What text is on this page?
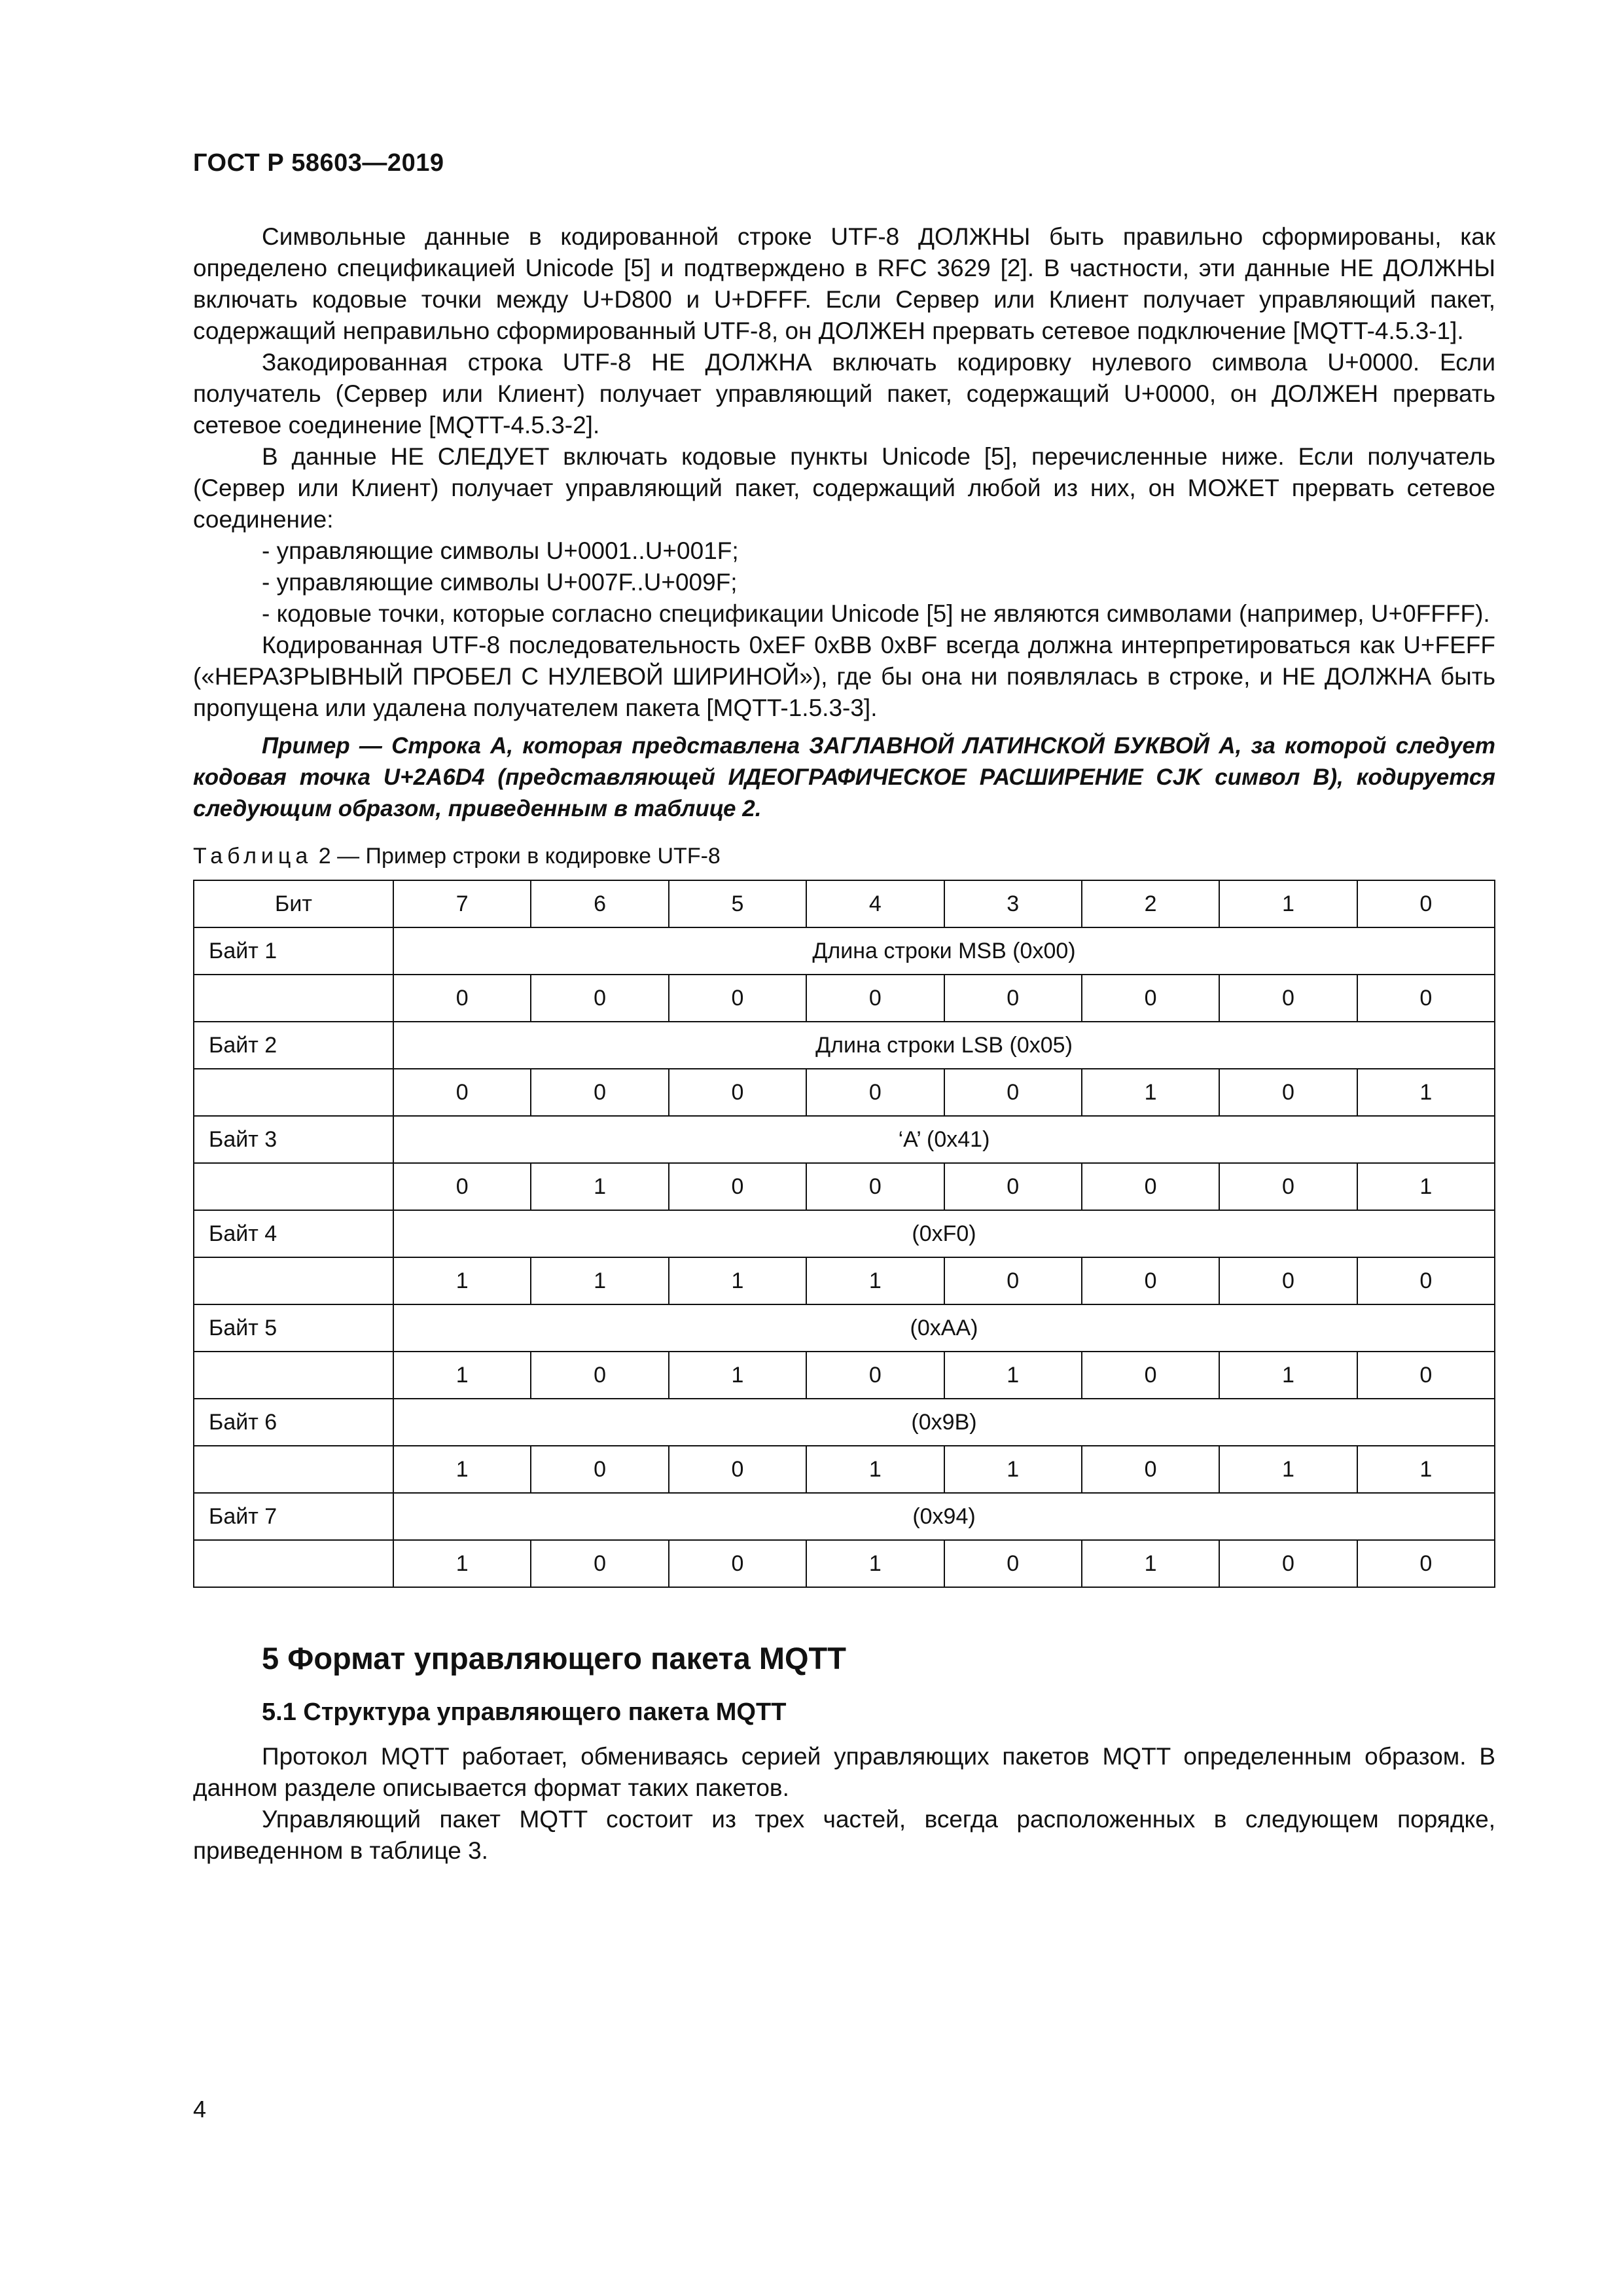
ГОСТ Р 58603—2019

Символьные данные в кодированной строке UTF-8 ДОЛЖНЫ быть правильно сформированы, как определено спецификацией Unicode [5] и подтверждено в RFC 3629 [2]. В частности, эти данные НЕ ДОЛЖНЫ включать кодовые точки между U+D800 и U+DFFF. Если Сервер или Клиент получает управляющий пакет, содержащий неправильно сформированный UTF-8, он ДОЛЖЕН прервать сетевое подключение [MQTT-4.5.3-1].

Закодированная строка UTF-8 НЕ ДОЛЖНА включать кодировку нулевого символа U+0000. Если получатель (Сервер или Клиент) получает управляющий пакет, содержащий U+0000, он ДОЛЖЕН прервать сетевое соединение [MQTT-4.5.3-2].

В данные НЕ СЛЕДУЕТ включать кодовые пункты Unicode [5], перечисленные ниже. Если получатель (Сервер или Клиент) получает управляющий пакет, содержащий любой из них, он МОЖЕТ прервать сетевое соединение:

- управляющие символы U+0001..U+001F;

- управляющие символы U+007F..U+009F;

- кодовые точки, которые согласно спецификации Unicode [5] не являются символами (например, U+0FFFF).

Кодированная UTF-8 последовательность 0xEF 0xBB 0xBF всегда должна интерпретироваться как U+FEFF («НЕРАЗРЫВНЫЙ ПРОБЕЛ С НУЛЕВОЙ ШИРИНОЙ»), где бы она ни появлялась в строке, и НЕ ДОЛЖНА быть пропущена или удалена получателем пакета [MQTT-1.5.3-3].

Пример — Строка А, которая представлена ЗАГЛАВНОЙ ЛАТИНСКОЙ БУКВОЙ А, за которой следует кодовая точка U+2A6D4 (представляющей ИДЕОГРАФИЧЕСКОЕ РАСШИРЕНИЕ CJK символ B), кодируется следующим образом, приведенным в таблице 2.

Таблица 2 — Пример строки в кодировке UTF-8

Бит	7	6	5	4	3	2	1	0
Байт 1	Длина строки MSB (0x00)							
	0	0	0	0	0	0	0	0
Байт 2	Длина строки LSB (0x05)							
	0	0	0	0	0	1	0	1
Байт 3	‘A’ (0x41)							
	0	1	0	0	0	0	0	1
Байт 4	(0xF0)							
	1	1	1	1	0	0	0	0
Байт 5	(0xAA)							
	1	0	1	0	1	0	1	0
Байт 6	(0x9B)							
	1	0	0	1	1	0	1	1
Байт 7	(0x94)							
	1	0	0	1	0	1	0	0

5 Формат управляющего пакета MQTT

5.1 Структура управляющего пакета MQTT

Протокол MQTT работает, обмениваясь серией управляющих пакетов MQTT определенным образом. В данном разделе описывается формат таких пакетов.

Управляющий пакет MQTT состоит из трех частей, всегда расположенных в следующем порядке, приведенном в таблице 3.

4
